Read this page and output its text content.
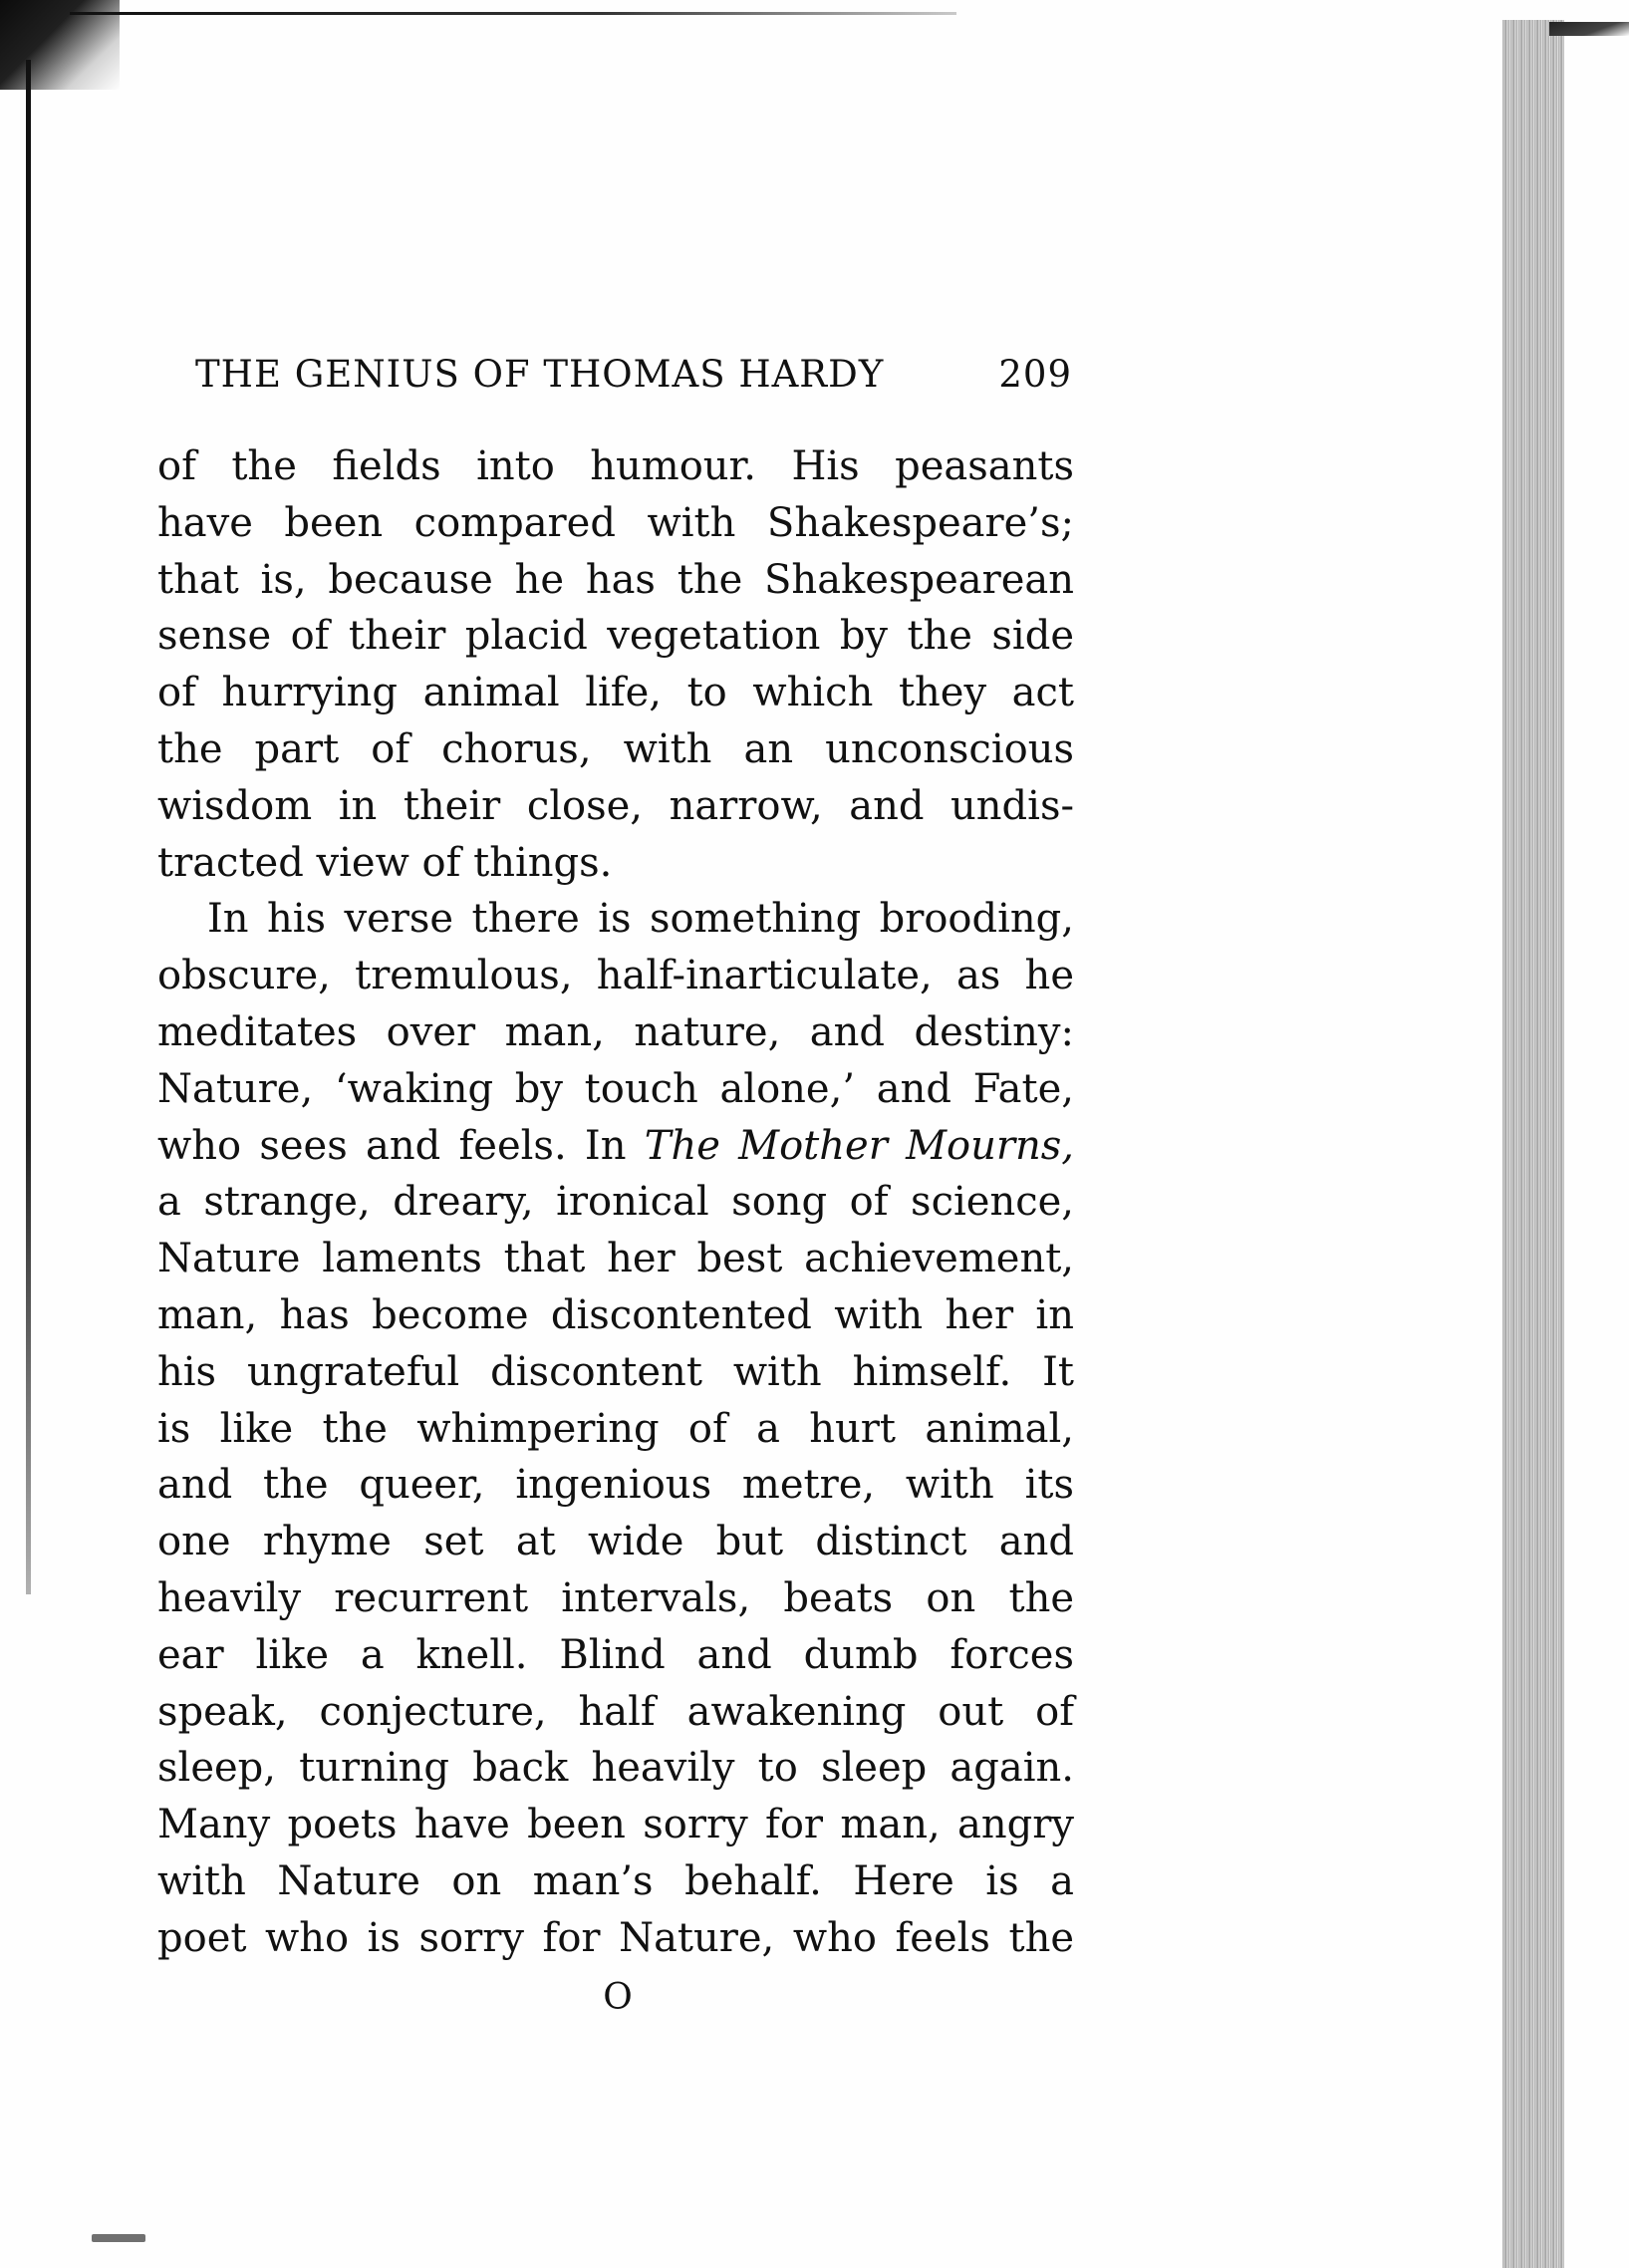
THE GENIUS OF THOMAS HARDY	209
of the fields into humour. His peasants
have been compared with Shakespeare’s;
that is, because he has the Shakespearean
sense of their placid vegetation by the side
of hurrying animal life, to which they act
the part of chorus, with an unconscious
wisdom in their close, narrow, and undis-
tracted view of things.
In his verse there is something brooding,
obscure, tremulous, half-inarticulate, as he
meditates over man, nature, and destiny:
Nature, ‘waking by touch alone,’ and Fate,
who sees and feels. In The Mother Mourns,
a strange, dreary, ironical song of science,
Nature laments that her best achievement,
man, has become discontented with her in
his ungrateful discontent with himself. It
is like the whimpering of a hurt animal,
and the queer, ingenious metre, with its
one rhyme set at wide but distinct and
heavily recurrent intervals, beats on the
ear like a knell. Blind and dumb forces
speak, conjecture, half awakening out of
sleep, turning back heavily to sleep again.
Many poets have been sorry for man, angry
with Nature on man’s behalf. Here is a
poet who is sorry for Nature, who feels the
O
